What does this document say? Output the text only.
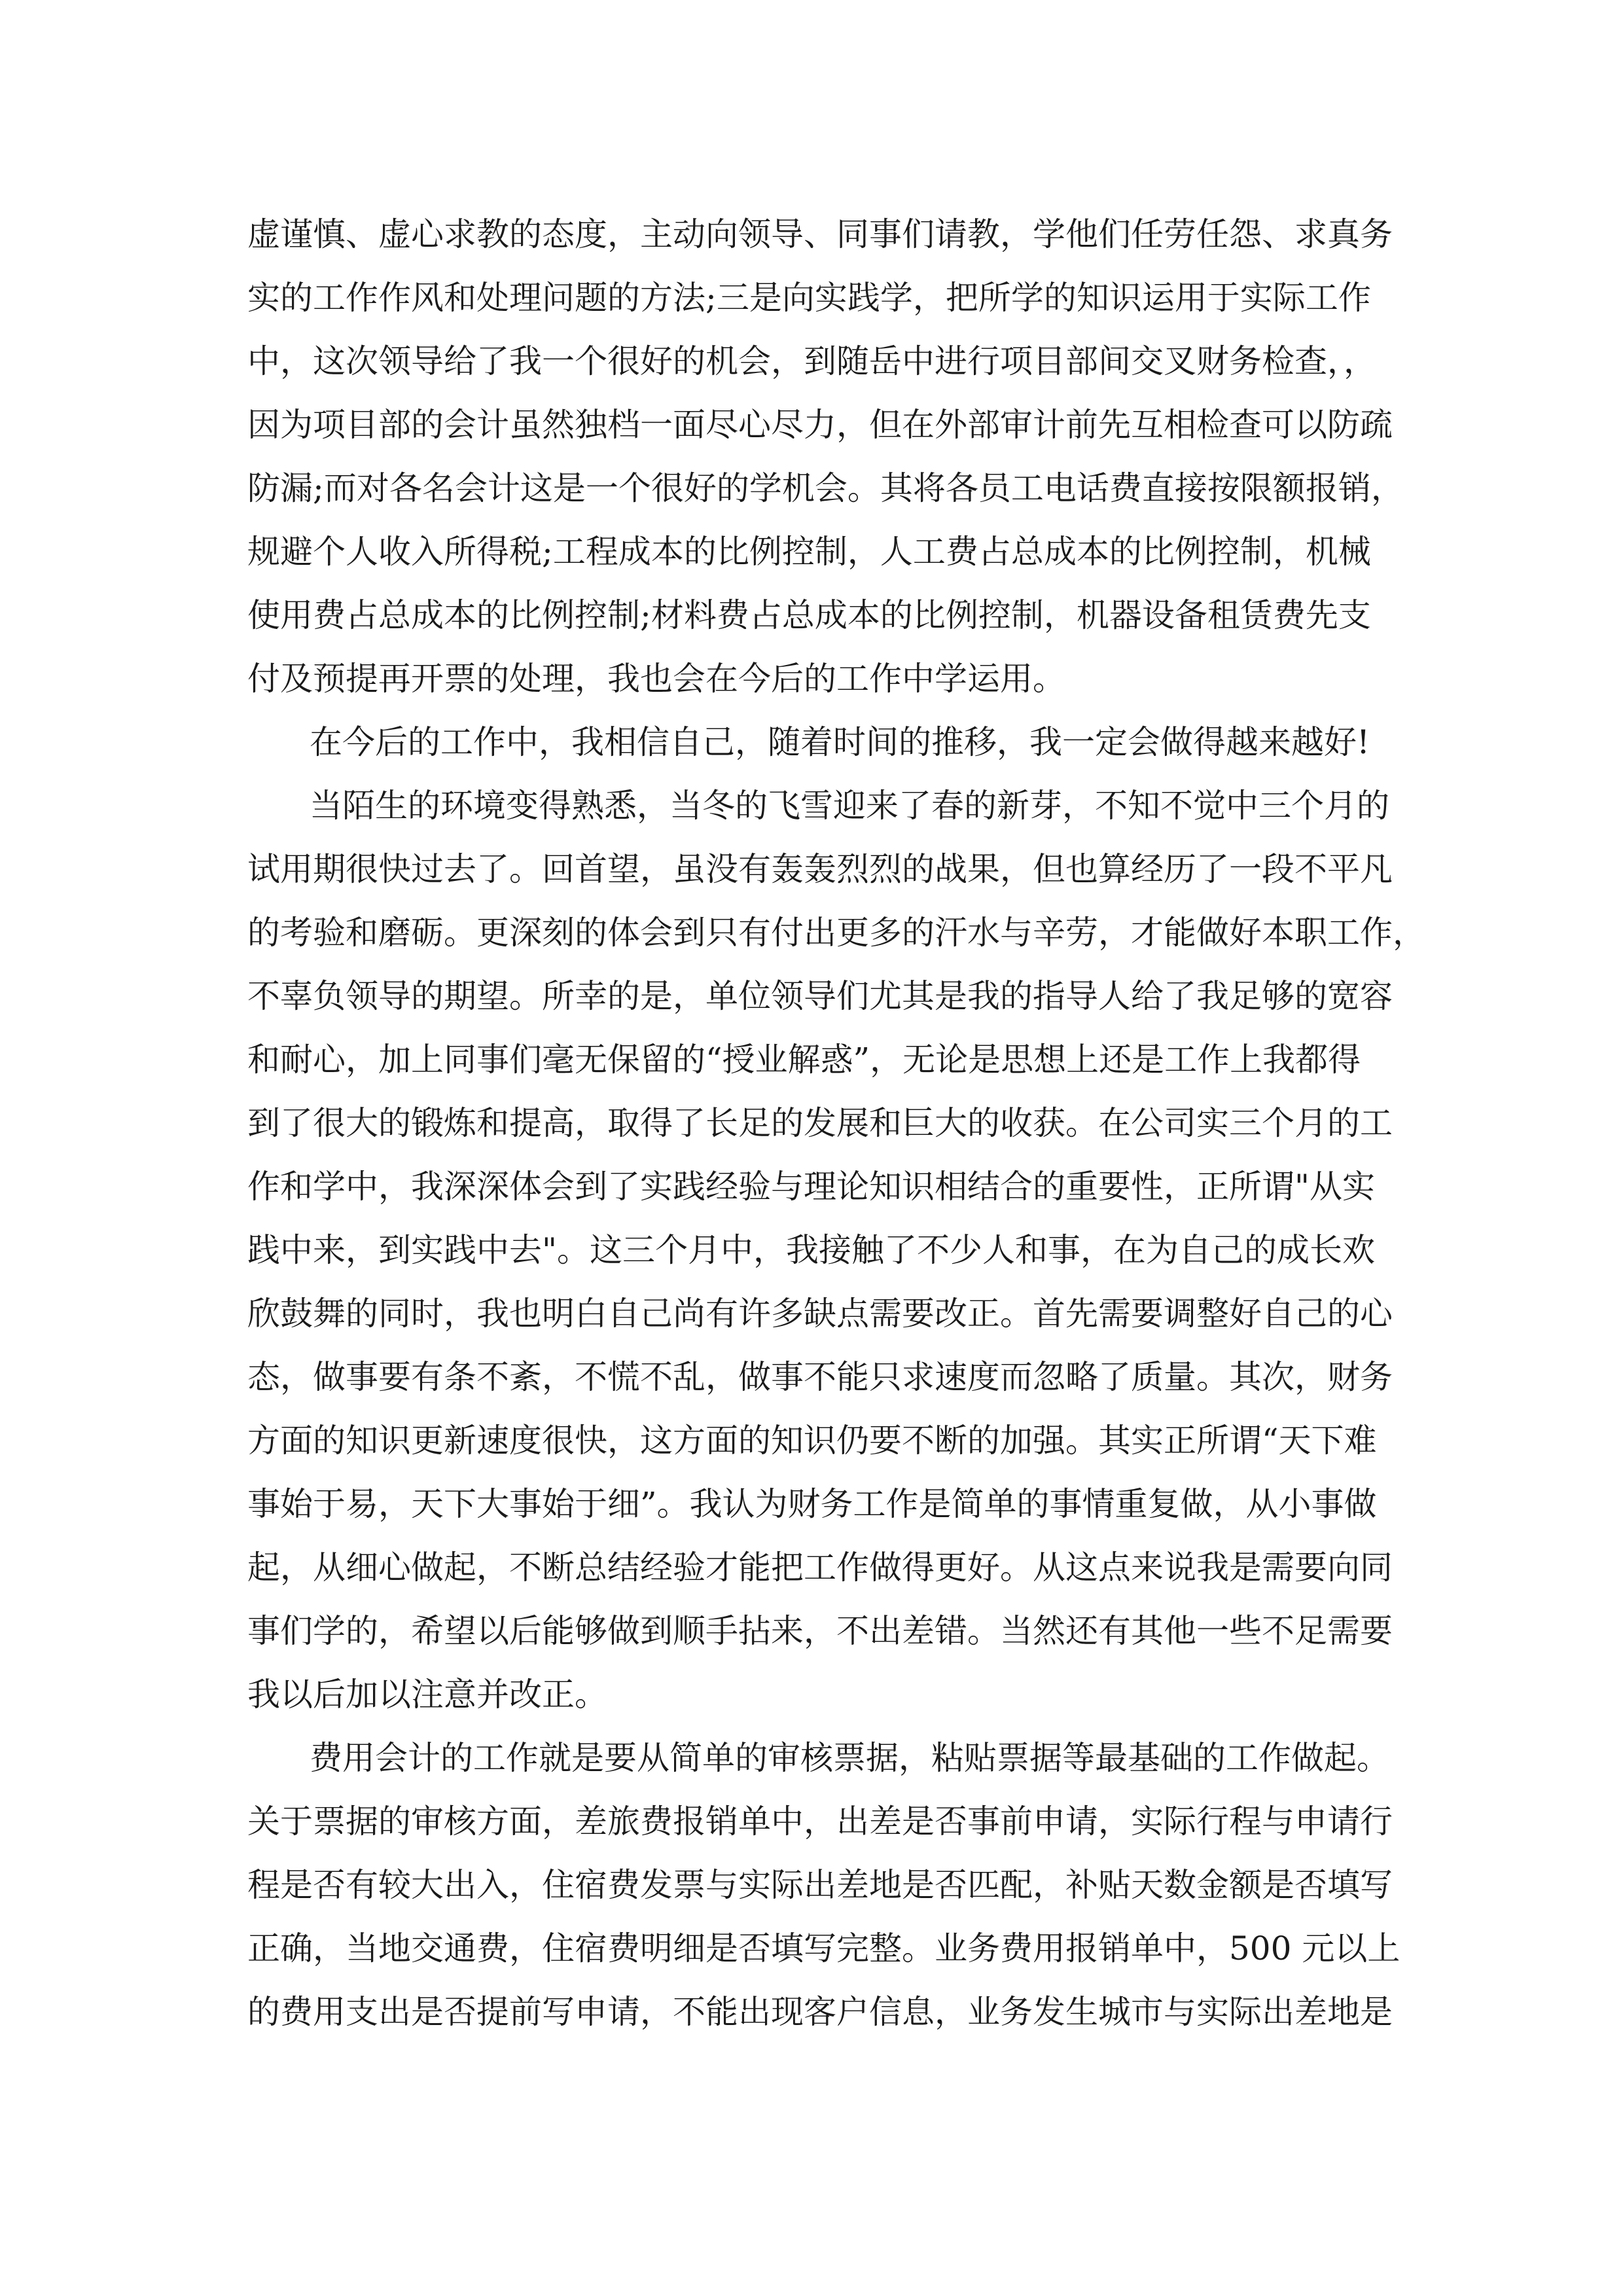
虚谨慎、虚心求教的态度，主动向领导、同事们请教，学他们任劳任怨、求真务
实的工作作风和处理问题的方法;三是向实践学，把所学的知识运用于实际工作
中，这次领导给了我一个很好的机会，到随岳中进行项目部间交叉财务检查，，
因为项目部的会计虽然独档一面尽心尽力，但在外部审计前先互相检查可以防疏
防漏;而对各名会计这是一个很好的学机会。其将各员工电话费直接按限额报销，
规避个人收入所得税;工程成本的比例控制，人工费占总成本的比例控制，机械
使用费占总成本的比例控制;材料费占总成本的比例控制，机器设备租赁费先支
付及预提再开票的处理，我也会在今后的工作中学运用。
在今后的工作中，我相信自己，随着时间的推移，我一定会做得越来越好!
当陌生的环境变得熟悉，当冬的飞雪迎来了春的新芽，不知不觉中三个月的
试用期很快过去了。回首望，虽没有轰轰烈烈的战果，但也算经历了一段不平凡
的考验和磨砺。更深刻的体会到只有付出更多的汗水与辛劳，才能做好本职工作，
不辜负领导的期望。所幸的是，单位领导们尤其是我的指导人给了我足够的宽容
和耐心，加上同事们毫无保留的“授业解惑”，无论是思想上还是工作上我都得
到了很大的锻炼和提高，取得了长足的发展和巨大的收获。在公司实三个月的工
作和学中，我深深体会到了实践经验与理论知识相结合的重要性，正所谓"从实
践中来，到实践中去"。这三个月中，我接触了不少人和事，在为自己的成长欢
欣鼓舞的同时，我也明白自己尚有许多缺点需要改正。首先需要调整好自己的心
态，做事要有条不紊，不慌不乱，做事不能只求速度而忽略了质量。其次，财务
方面的知识更新速度很快，这方面的知识仍要不断的加强。其实正所谓“天下难
事始于易，天下大事始于细”。我认为财务工作是简单的事情重复做，从小事做
起，从细心做起，不断总结经验才能把工作做得更好。从这点来说我是需要向同
事们学的，希望以后能够做到顺手拈来，不出差错。当然还有其他一些不足需要
我以后加以注意并改正。
费用会计的工作就是要从简单的审核票据，粘贴票据等最基础的工作做起。
关于票据的审核方面，差旅费报销单中，出差是否事前申请，实际行程与申请行
程是否有较大出入，住宿费发票与实际出差地是否匹配，补贴天数金额是否填写
正确，当地交通费，住宿费明细是否填写完整。业务费用报销单中，500 元以上
的费用支出是否提前写申请，不能出现客户信息，业务发生城市与实际出差地是
